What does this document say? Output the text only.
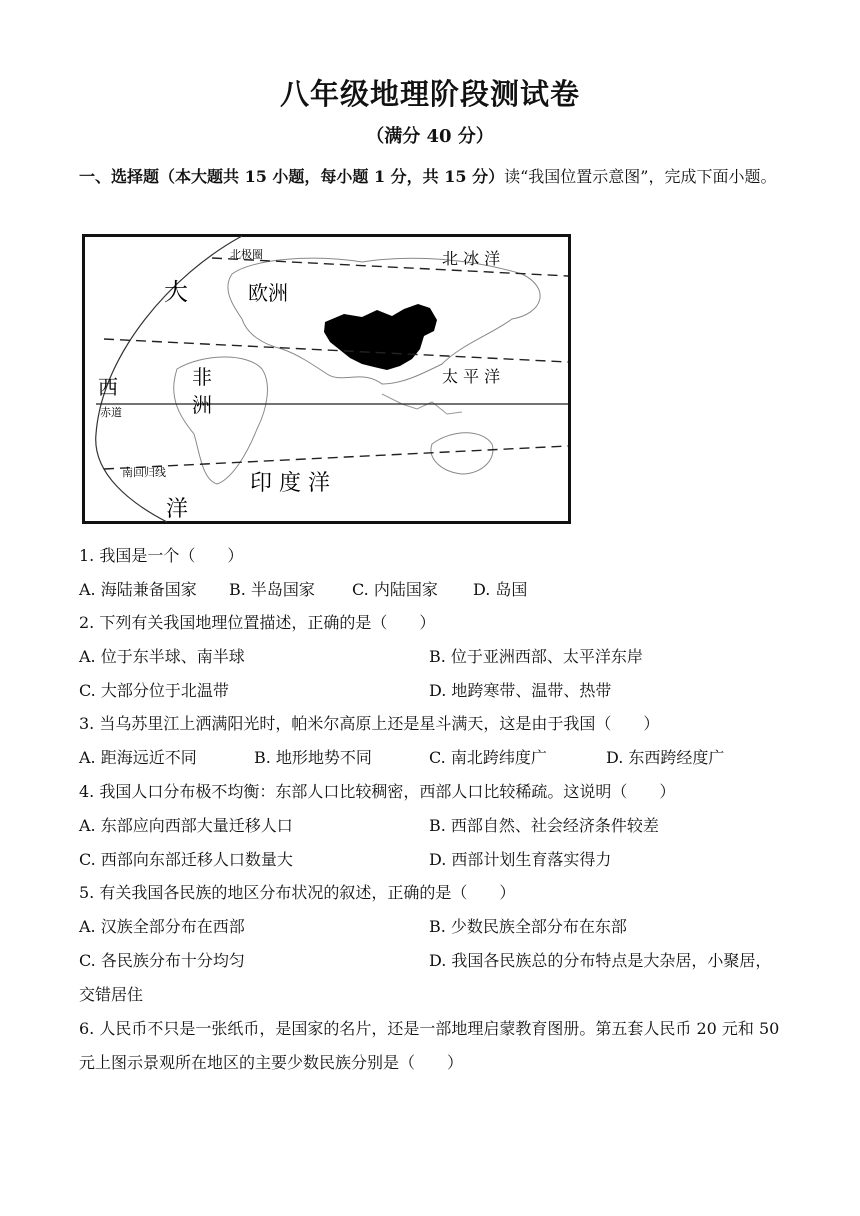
八年级地理阶段测试卷
（满分 40 分）
一、选择题（本大题共 15 小题，每小题 1 分，共 15 分）读“我国位置示意图”，完成下面小题。
北极圈	北 冰 洋
大	欧洲
西	非
洲
太 平 洋
赤道
南回归线	印 度 洋
洋
1. 我国是一个（　　）
A. 海陆兼备国家 B. 半岛国家 C. 内陆国家 D. 岛国
2. 下列有关我国地理位置描述，正确的是（　　）
A. 位于东半球、南半球	B. 位于亚洲西部、太平洋东岸
C. 大部分位于北温带	D. 地跨寒带、温带、热带
3. 当乌苏里江上洒满阳光时，帕米尔高原上还是星斗满天，这是由于我国（　　）
A. 距海远近不同	B. 地形地势不同	C. 南北跨纬度广	D. 东西跨经度广
4. 我国人口分布极不均衡：东部人口比较稠密，西部人口比较稀疏。这说明（　　）
A. 东部应向西部大量迁移人口	B. 西部自然、社会经济条件较差
C. 西部向东部迁移人口数量大	D. 西部计划生育落实得力
5. 有关我国各民族的地区分布状况的叙述，正确的是（　　）
A. 汉族全部分布在西部	B. 少数民族全部分布在东部
C. 各民族分布十分均匀	D. 我国各民族总的分布特点是大杂居，小聚居，
交错居住
6. 人民币不只是一张纸币，是国家的名片，还是一部地理启蒙教育图册。第五套人民币 20 元和 50 元上图示景观所在地区的主要少数民族分别是（　　）
